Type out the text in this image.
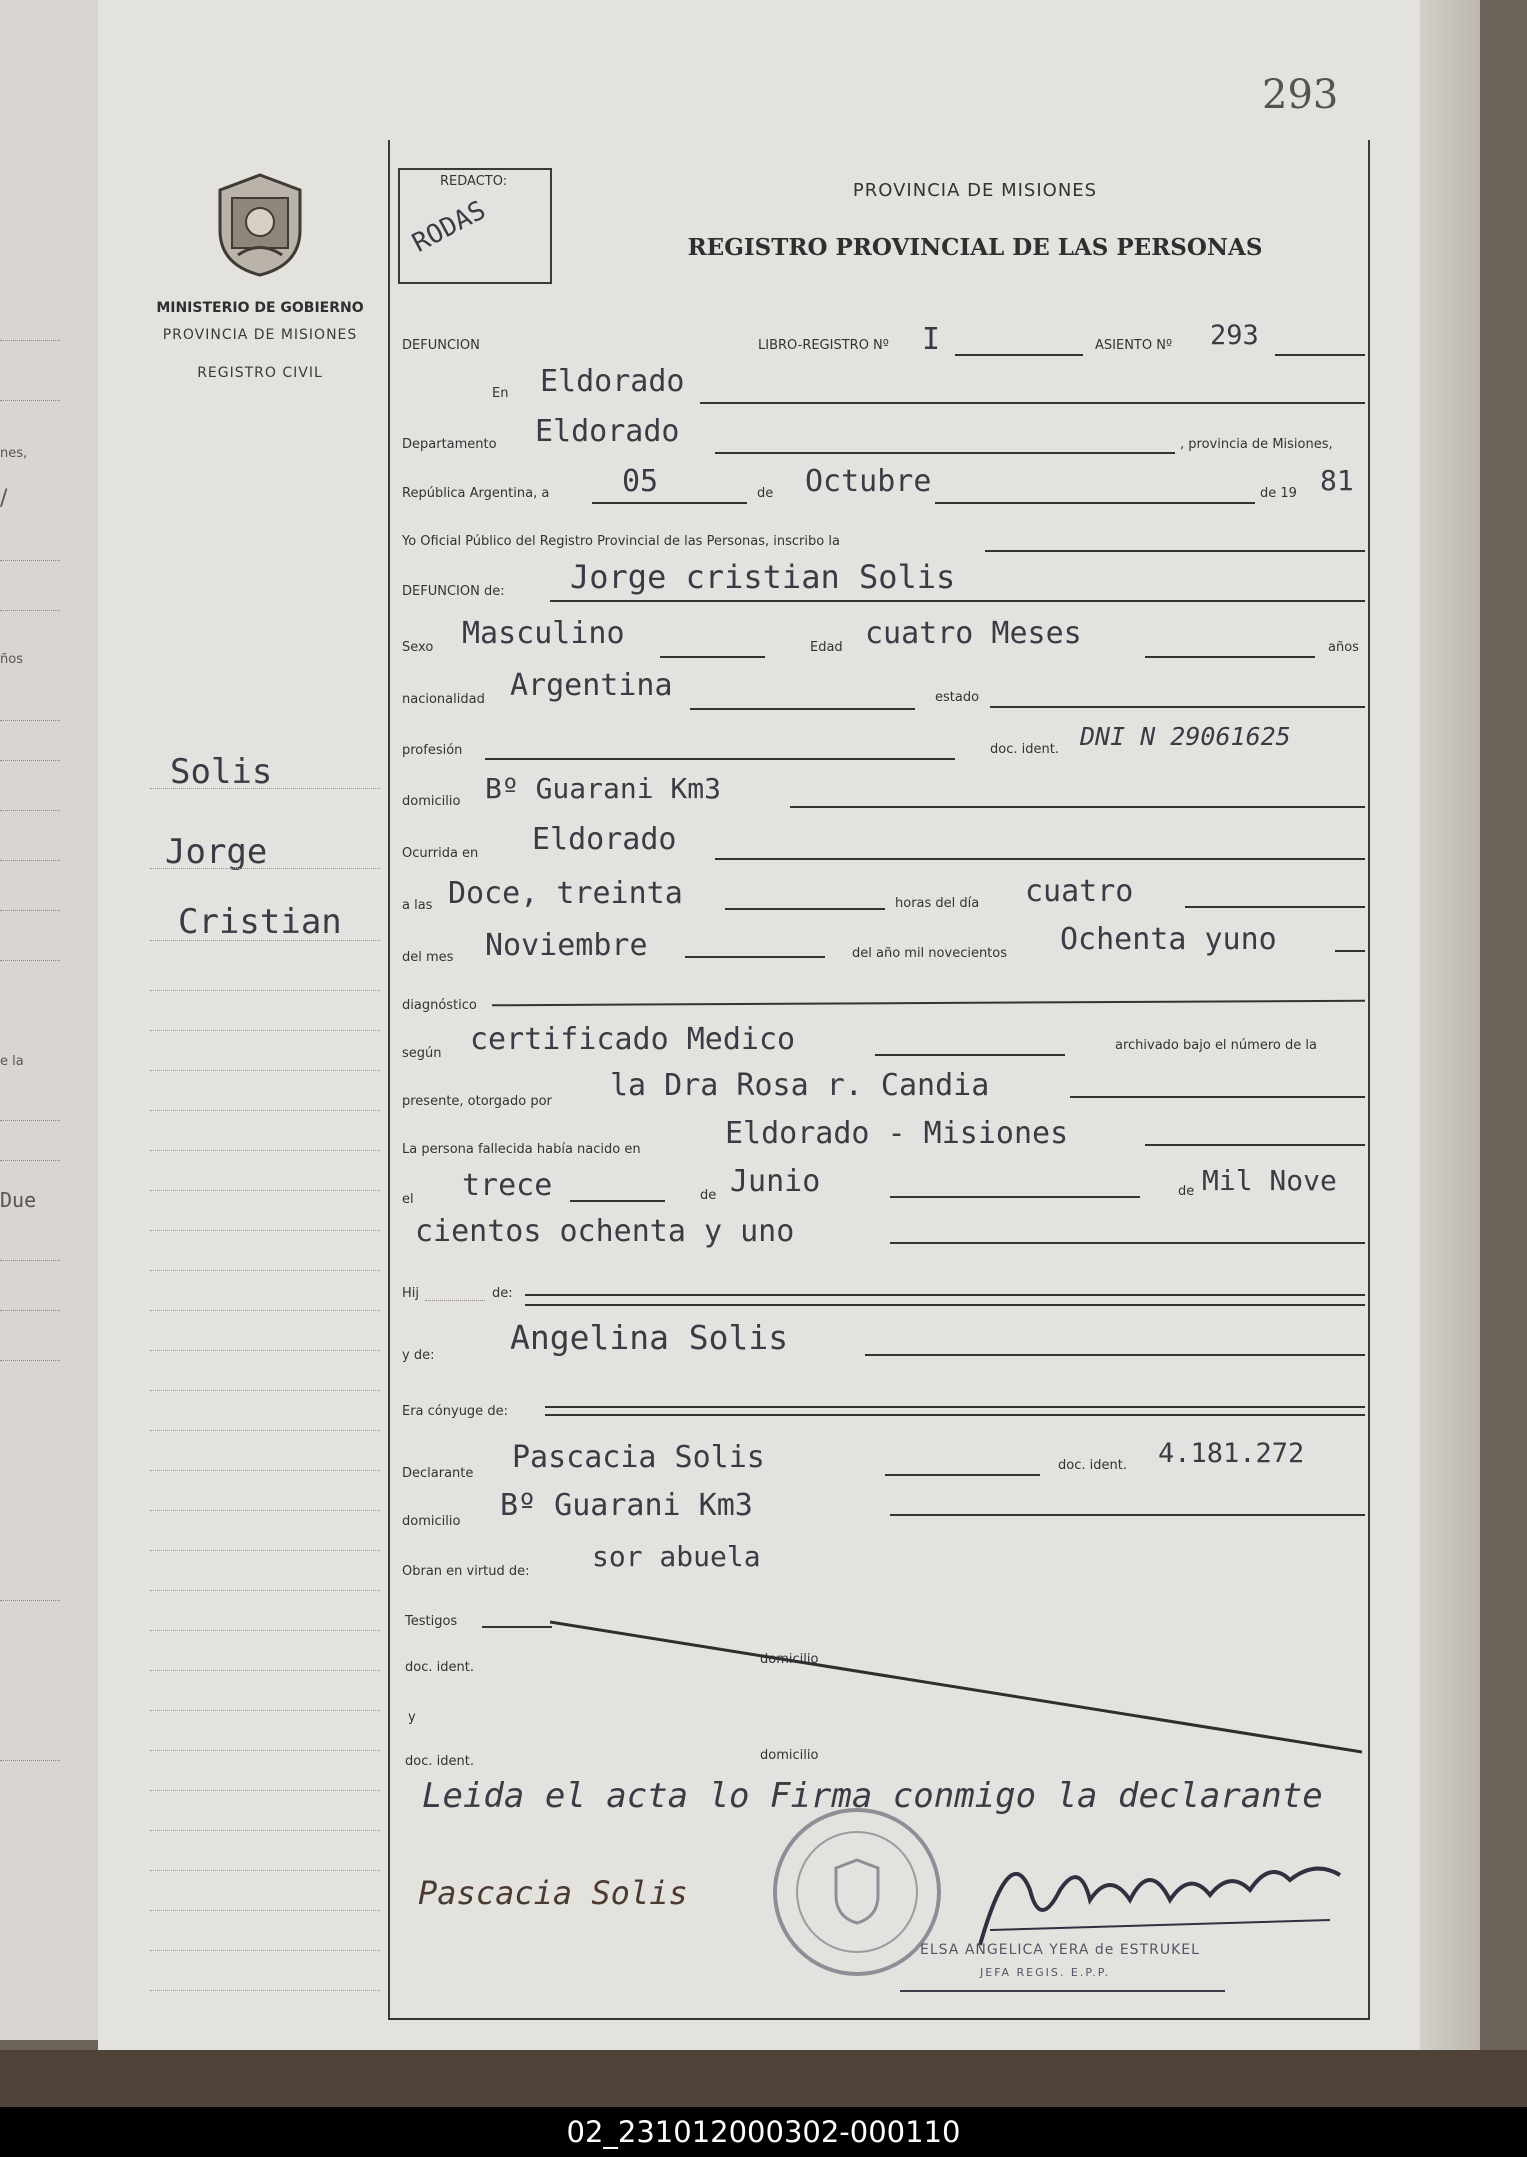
nes,
/
ños
e la
Due
293
MINISTERIO DE GOBIERNO
PROVINCIA DE MISIONES
REGISTRO CIVIL
REDACTO:
RODAS
PROVINCIA DE MISIONES
REGISTRO PROVINCIAL DE LAS PERSONAS
Solis
Jorge
Cristian
DEFUNCION	LIBRO-REGISTRO Nº I	ASIENTO Nº 293
En Eldorado
Departamento Eldorado	, provincia de Misiones,
República Argentina, a 05	de Octubre	de 19 81
Yo Oficial Público del Registro Provincial de las Personas, inscribo la
DEFUNCION de: Jorge cristian Solis
Sexo Masculino	Edad cuatro Meses	años
nacionalidad Argentina	estado
profesión	doc. ident. DNI N 29061625
domicilio Bº Guarani Km3
Ocurrida en Eldorado
a las Doce, treinta	horas del día cuatro
del mes Noviembre	del año mil novecientos Ochenta yuno
diagnóstico
según certificado Medico	archivado bajo el número de la
presente, otorgado por la Dra Rosa r. Candia
La persona fallecida había nacido en	Eldorado - Misiones
el trece	de Junio	de Mil Nove
cientos ochenta y uno
Hij	de:
y de: Angelina Solis
Era cónyuge de:
Declarante Pascacia Solis	doc. ident. 4.181.272
domicilio Bº Guarani Km3
Obran en virtud de: sor abuela
Testigos
doc. ident.
domicilio
y
doc. ident.	domicilio
Leida el acta lo Firma conmigo la declarante
Pascacia Solis
ELSA ANGELICA YERA de ESTRUKEL
JEFA REGIS. E.P.P.
02_231012000302-000110
